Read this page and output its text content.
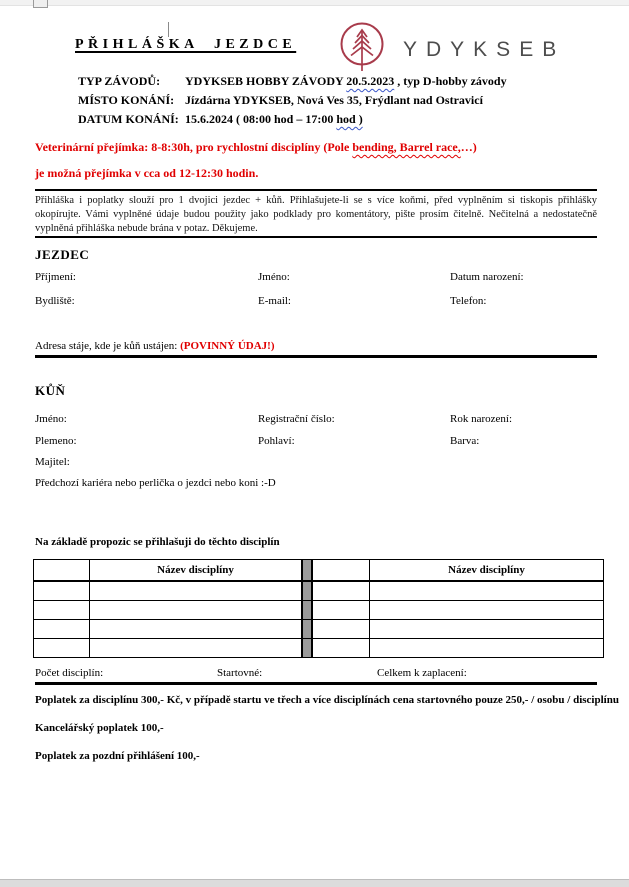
PŘIHLÁŠKA JEZDCE	YDYKSEB
TYP ZÁVODŮ: YDYKSEB HOBBY ZÁVODY 20.5.2023 , typ D-hobby závody
MÍSTO KONÁNÍ: Jízdárna YDYKSEB, Nová Ves 35, Frýdlant nad Ostravicí
DATUM KONÁNÍ: 15.6.2024 ( 08:00 hod – 17:00 hod )
Veterinární přejímka: 8-8:30h, pro rychlostní disciplíny (Pole bending, Barrel race,…)
je možná přejímka v cca od 12-12:30 hodin.
Přihláška i poplatky slouží pro 1 dvojici jezdec + kůň. Přihlašujete-li se s více koňmi, před vyplněním si tiskopis přihlášky okopírujte. Vámi vyplněné údaje budou použity jako podklady pro komentátory, pište prosím čitelně. Nečitelná a nedostatečně vyplněná přihláška nebude brána v potaz. Děkujeme.
JEZDEC
Příjmení:	Jméno:	Datum narození:
Bydliště:	E-mail:	Telefon:
Adresa stáje, kde je kůň ustájen: (POVINNÝ ÚDAJ!)
KŮŇ
Jméno:	Registrační číslo:	Rok narození:
Plemeno:	Pohlaví:	Barva:
Majitel:
Předchozí kariéra nebo perlička o jezdci nebo koni :-D
Na základě propozic se přihlašuji do těchto disciplín
	Název disciplíny			Název disciplíny

Počet disciplín:	Startovné:	Celkem k zaplacení:
Poplatek za disciplínu 300,- Kč, v případě startu ve třech a více disciplínách cena startovného pouze 250,- / osobu / disciplínu
Kancelářský poplatek 100,-
Poplatek za pozdní přihlášení 100,-
